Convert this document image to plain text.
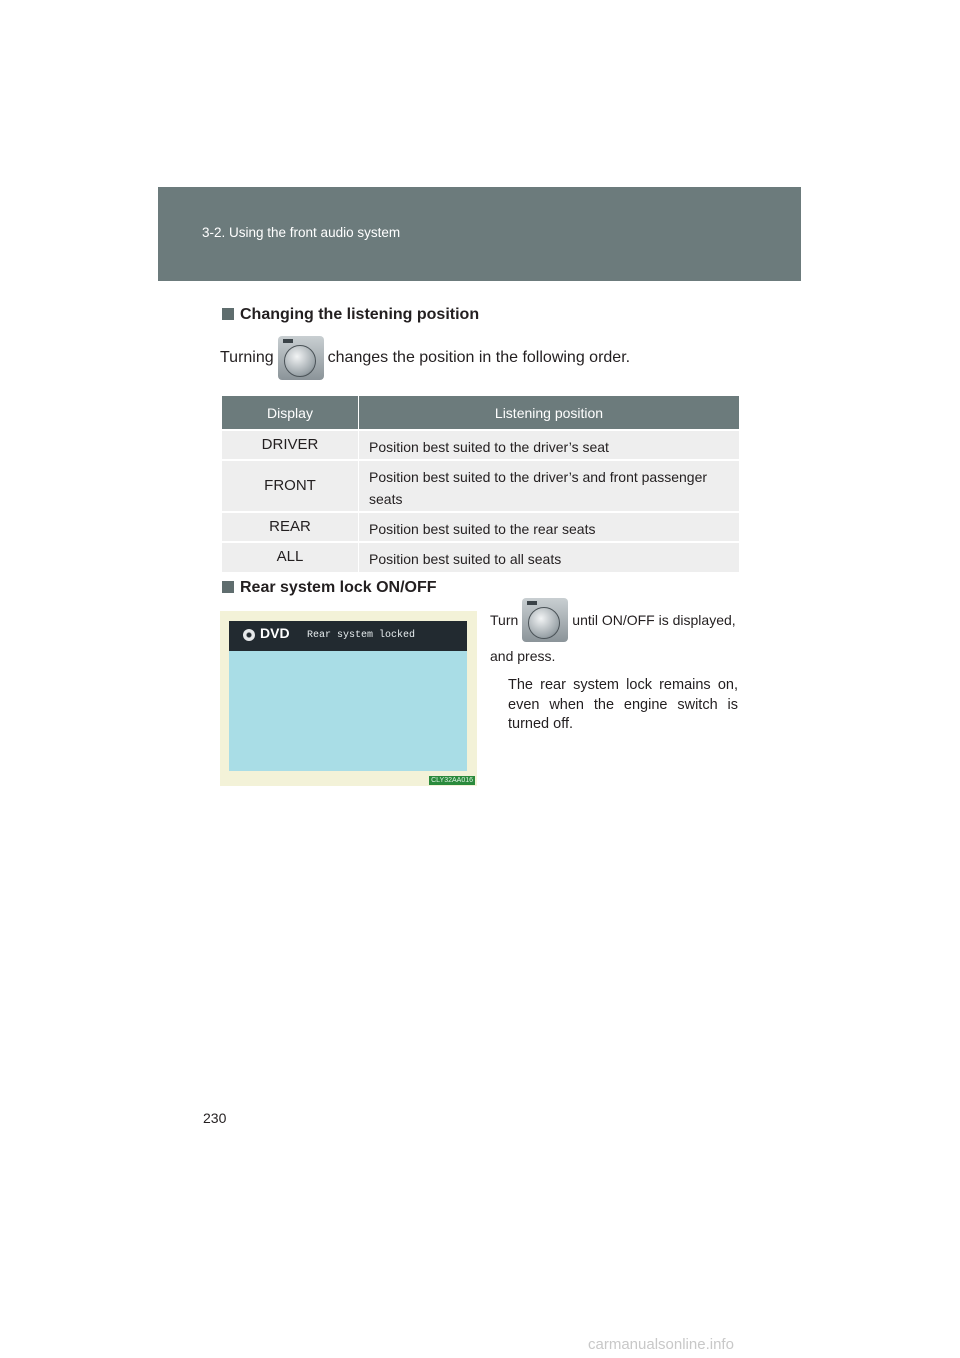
3-2. Using the front audio system
Changing the listening position
Turning	changes the position in the following order.
Display	Listening position
DRIVER	Position best suited to the driver’s seat
FRONT	Position best suited to the driver’s and front passenger seats
REAR	Position best suited to the rear seats
ALL	Position best suited to all seats
Rear system lock ON/OFF
DVD Rear system locked
CLY32AA016
Turn	until ON/OFF is displayed,
and press.
The rear system lock remains on, even when the engine switch is turned off.
230
carmanualsonline.info
